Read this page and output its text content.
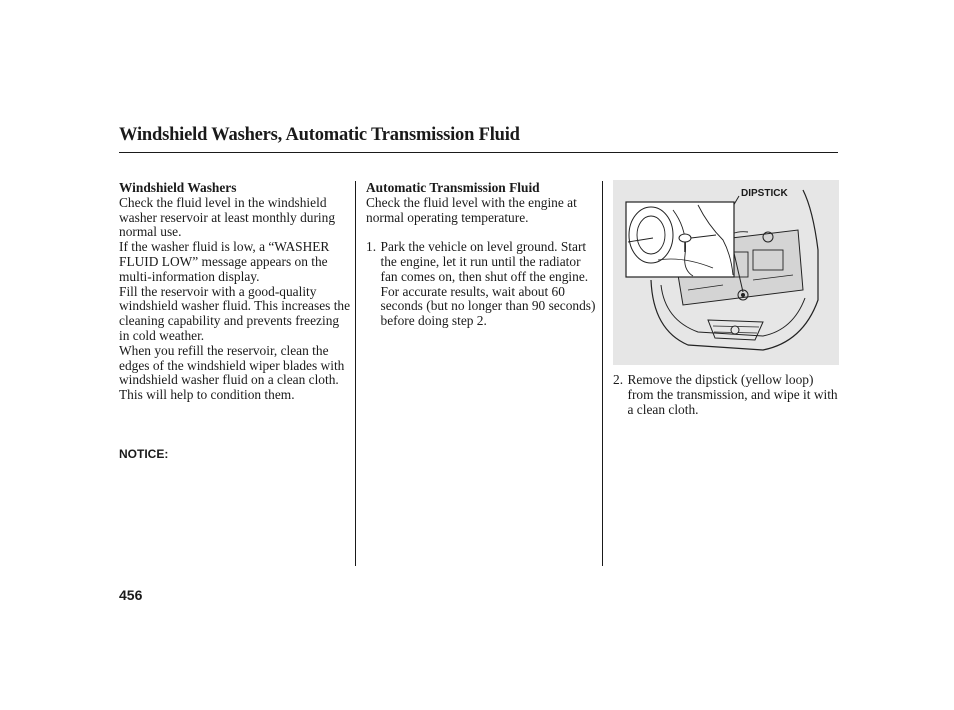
Windshield Washers, Automatic Transmission Fluid

Windshield Washers

Check the fluid level in the windshield washer reservoir at least monthly during normal use.

If the washer fluid is low, a “WASHER FLUID LOW” message appears on the multi-information display.

Fill the reservoir with a good-quality windshield washer fluid. This increases the cleaning capability and prevents freezing in cold weather.

When you refill the reservoir, clean the edges of the windshield wiper blades with windshield washer fluid on a clean cloth. This will help to condition them.

NOTICE:

Automatic Transmission Fluid

Check the fluid level with the engine at normal operating temperature.

1. Park the vehicle on level ground. Start the engine, let it run until the radiator fan comes on, then shut off the engine. For accurate results, wait about 60 seconds (but no longer than 90 seconds) before doing step 2.

DIPSTICK

2. Remove the dipstick (yellow loop) from the transmission, and wipe it with a clean cloth.

456
